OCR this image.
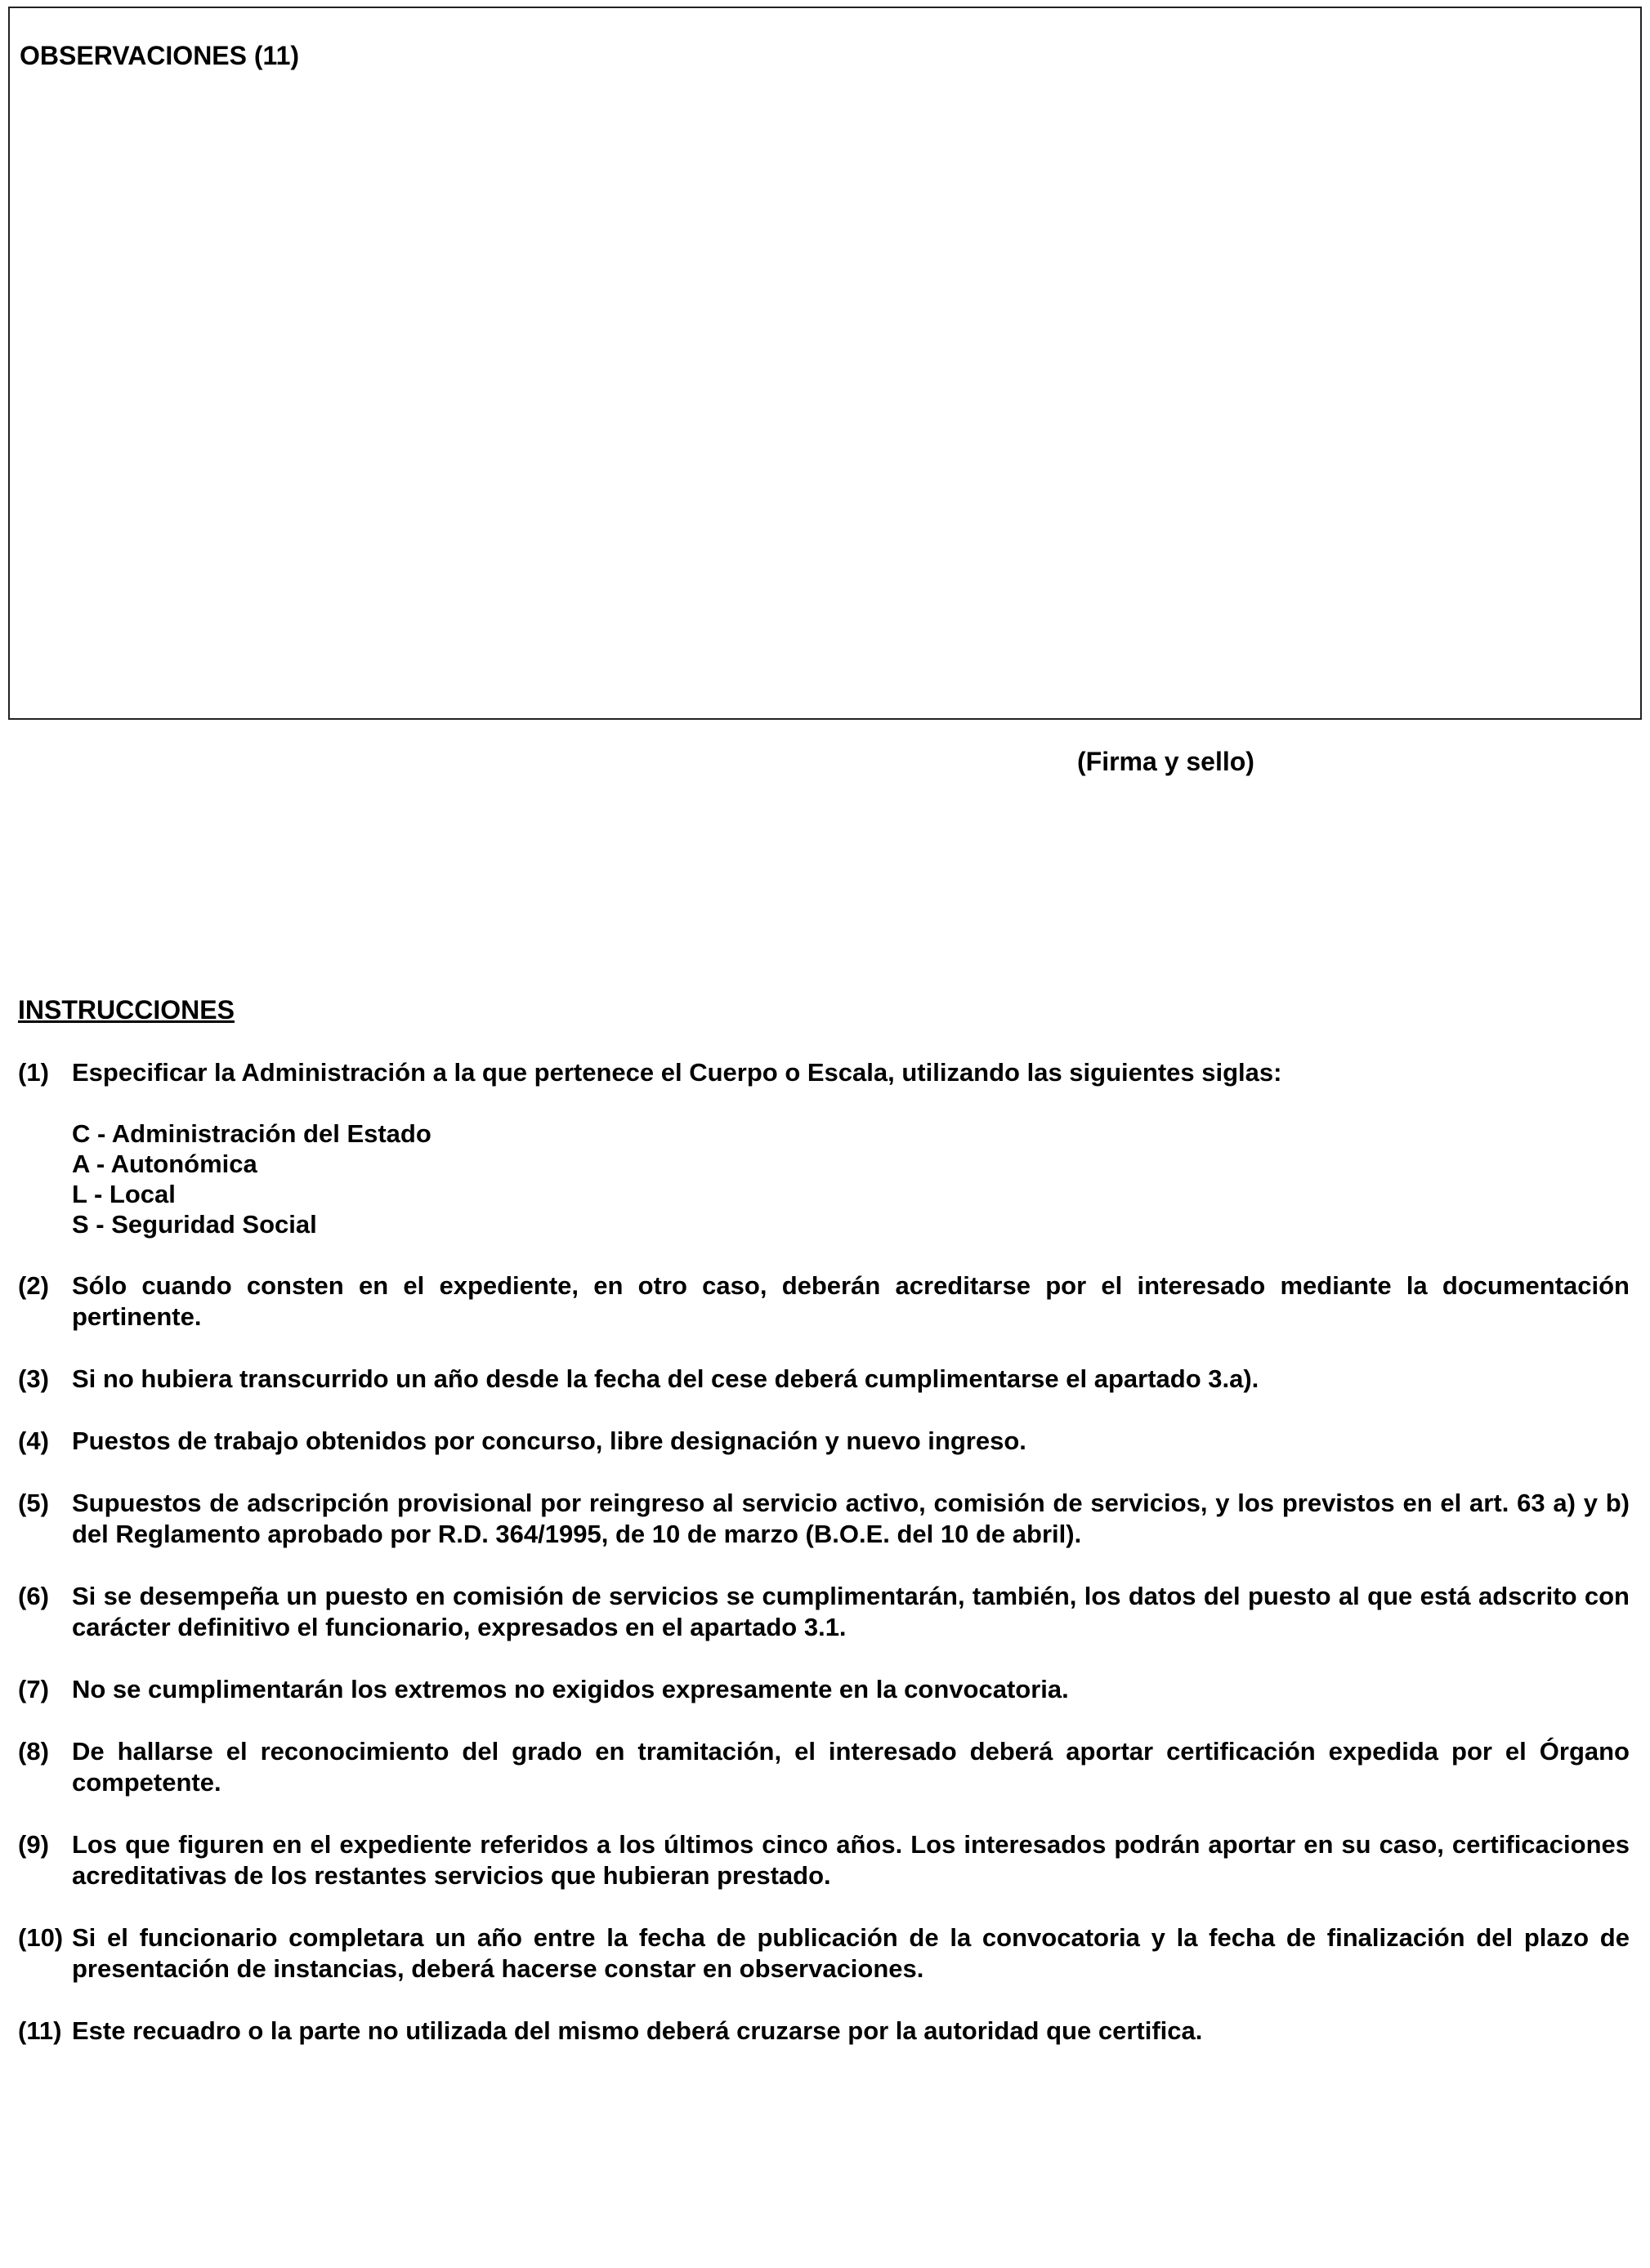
OBSERVACIONES (11)
(Firma y sello)
INSTRUCCIONES
(1) Especificar la Administración a la que pertenece el Cuerpo o Escala, utilizando las siguientes siglas:

C - Administración del Estado
A - Autonómica
L - Local
S - Seguridad Social
(2) Sólo cuando consten en el expediente, en otro caso, deberán acreditarse por el interesado mediante la documentación pertinente.

(3) Si no hubiera transcurrido un año desde la fecha del cese deberá cumplimentarse el apartado 3.a).

(4) Puestos de trabajo obtenidos por concurso, libre designación y nuevo ingreso.

(5) Supuestos de adscripción provisional por reingreso al servicio activo, comisión de servicios, y los previstos en el art. 63 a) y b) del Reglamento aprobado por R.D. 364/1995, de 10 de marzo (B.O.E. del 10 de abril).

(6) Si se desempeña un puesto en comisión de servicios se cumplimentarán, también, los datos del puesto al que está adscrito con carácter definitivo el funcionario, expresados en el apartado 3.1.

(7) No se cumplimentarán los extremos no exigidos expresamente en la convocatoria.

(8) De hallarse el reconocimiento del grado en tramitación, el interesado deberá aportar certificación expedida por el Órgano competente.

(9) Los que figuren en el expediente referidos a los últimos cinco años. Los interesados podrán aportar en su caso, certificaciones acreditativas de los restantes servicios que hubieran prestado.

(10) Si el funcionario completara un año entre la fecha de publicación de la convocatoria y la fecha de finalización del plazo de presentación de instancias, deberá hacerse constar en observaciones.

(11) Este recuadro o la parte no utilizada del mismo deberá cruzarse por la autoridad que certifica.
